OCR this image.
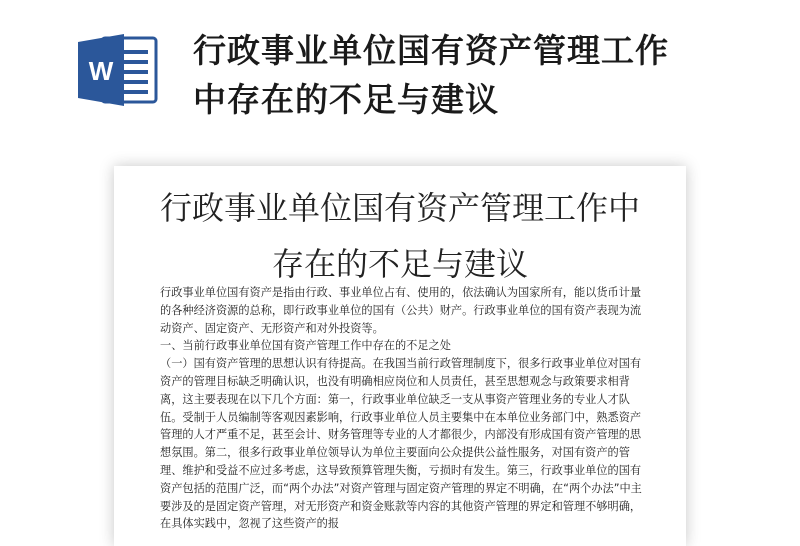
W
行政事业单位国有资产管理工作
中存在的不足与建议
行政事业单位国有资产管理工作中
存在的不足与建议

行政事业单位国有资产是指由行政、事业单位占有、使用的，依法确认为国家所有，能以货币计量的各种经济资源的总称，即行政事业单位的国有（公共）财产。行政事业单位的国有资产表现为流动资产、固定资产、无形资产和对外投资等。

一、当前行政事业单位国有资产管理工作中存在的不足之处

（一）国有资产管理的思想认识有待提高。在我国当前行政管理制度下，很多行政事业单位对国有资产的管理目标缺乏明确认识，也没有明确相应岗位和人员责任，甚至思想观念与政策要求相背离，这主要表现在以下几个方面：第一，行政事业单位缺乏一支从事资产管理业务的专业人才队伍。受制于人员编制等客观因素影响，行政事业单位人员主要集中在本单位业务部门中，熟悉资产管理的人才严重不足，甚至会计、财务管理等专业的人才都很少，内部没有形成国有资产管理的思想氛围。第二，很多行政事业单位领导认为单位主要面向公众提供公益性服务，对国有资产的管理、维护和受益不应过多考虑，这导致预算管理失衡，亏损时有发生。第三，行政事业单位的国有资产包括的范围广泛，而“两个办法”对资产管理与固定资产管理的界定不明确，在“两个办法”中主要涉及的是固定资产管理，对无形资产和资金账款等内容的其他资产管理的界定和管理不够明确，在具体实践中，忽视了这些资产的报
